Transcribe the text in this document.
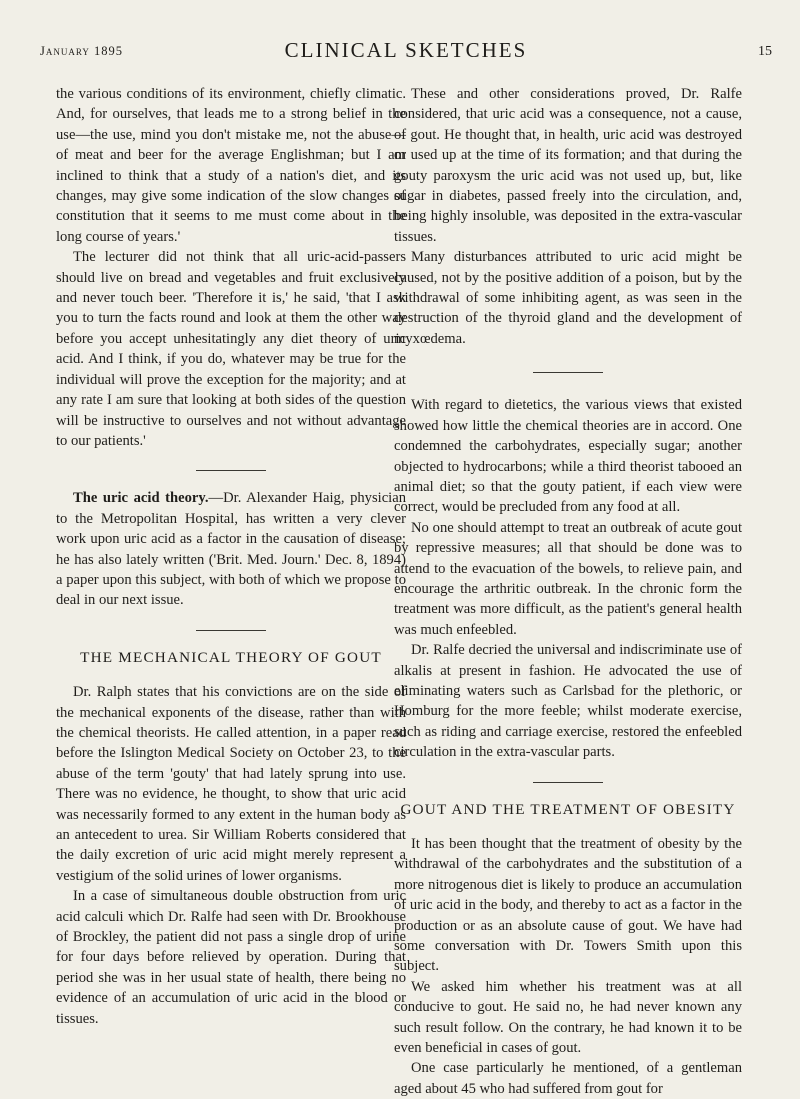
January 1895	CLINICAL SKETCHES	15

the various conditions of its environment, chiefly climatic. And, for ourselves, that leads me to a strong belief in the use—the use, mind you don't mistake me, not the abuse—of meat and beer for the average Englishman; but I am inclined to think that a study of a nation's diet, and its changes, may give some indication of the slow changes of constitution that it seems to me must come about in the long course of years.'

The lecturer did not think that all uric-acid-passers should live on bread and vegetables and fruit exclusively and never touch beer. 'Therefore it is,' he said, 'that I ask you to turn the facts round and look at them the other way before you accept unhesitatingly any diet theory of uric acid. And I think, if you do, whatever may be true for the individual will prove the exception for the majority; and at any rate I am sure that looking at both sides of the question will be instructive to ourselves and not without advantage to our patients.'

The uric acid theory.—Dr. Alexander Haig, physician to the Metropolitan Hospital, has written a very clever work upon uric acid as a factor in the causation of disease; he has also lately written ('Brit. Med. Journ.' Dec. 8, 1894) a paper upon this subject, with both of which we propose to deal in our next issue.

THE MECHANICAL THEORY OF GOUT

Dr. Ralph states that his convictions are on the side of the mechanical exponents of the disease, rather than with the chemical theorists. He called attention, in a paper read before the Islington Medical Society on October 23, to the abuse of the term 'gouty' that had lately sprung into use. There was no evidence, he thought, to show that uric acid was necessarily formed to any extent in the human body as an antecedent to urea. Sir William Roberts considered that the daily excretion of uric acid might merely represent a vestigium of the solid urines of lower organisms.

In a case of simultaneous double obstruction from uric acid calculi which Dr. Ralfe had seen with Dr. Brookhouse of Brockley, the patient did not pass a single drop of urine for four days before relieved by operation. During that period she was in her usual state of health, there being no evidence of an accumulation of uric acid in the blood or tissues.

These and other considerations proved, Dr. Ralfe considered, that uric acid was a consequence, not a cause, of gout. He thought that, in health, uric acid was destroyed or used up at the time of its formation; and that during the gouty paroxysm the uric acid was not used up, but, like sugar in diabetes, passed freely into the circulation, and, being highly insoluble, was deposited in the extra-vascular tissues.

Many disturbances attributed to uric acid might be caused, not by the positive addition of a poison, but by the withdrawal of some inhibiting agent, as was seen in the destruction of the thyroid gland and the development of myxœdema.

With regard to dietetics, the various views that existed showed how little the chemical theories are in accord. One condemned the carbohydrates, especially sugar; another objected to hydrocarbons; while a third theorist tabooed an animal diet; so that the gouty patient, if each view were correct, would be precluded from any food at all.

No one should attempt to treat an outbreak of acute gout by repressive measures; all that should be done was to attend to the evacuation of the bowels, to relieve pain, and encourage the arthritic outbreak. In the chronic form the treatment was more difficult, as the patient's general health was much enfeebled.

Dr. Ralfe decried the universal and indiscriminate use of alkalis at present in fashion. He advocated the use of eliminating waters such as Carlsbad for the plethoric, or Homburg for the more feeble; whilst moderate exercise, such as riding and carriage exercise, restored the enfeebled circulation in the extra-vascular parts.

GOUT AND THE TREATMENT OF OBESITY

It has been thought that the treatment of obesity by the withdrawal of the carbohydrates and the substitution of a more nitrogenous diet is likely to produce an accumulation of uric acid in the body, and thereby to act as a factor in the production or as an absolute cause of gout. We have had some conversation with Dr. Towers Smith upon this subject.

We asked him whether his treatment was at all conducive to gout. He said no, he had never known any such result follow. On the contrary, he had known it to be even beneficial in cases of gout.

One case particularly he mentioned, of a gentleman aged about 45 who had suffered from gout for
